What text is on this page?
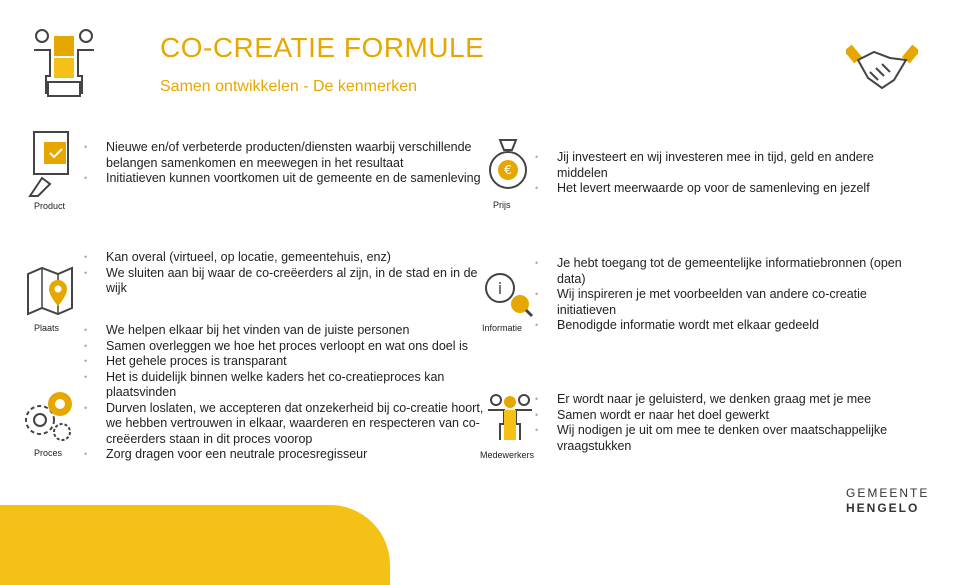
CO-CREATIE FORMULE
Samen ontwikkelen - De kenmerken
Product
• Nieuwe en/of verbeterde producten/diensten waarbij verschillende belangen samenkomen en meewegen in het resultaat
• Initiatieven kunnen voortkomen uit de gemeente en de samenleving
Plaats
• Kan overal (virtueel, op locatie, gemeentehuis, enz)
• We sluiten aan bij waar de co-creëerders al zijn, in de stad en in de wijk
Proces
• We helpen elkaar bij het vinden van de juiste personen
• Samen overleggen we hoe het proces verloopt en wat ons doel is
• Het gehele proces is transparant
• Het is duidelijk binnen welke kaders het co-creatieproces kan plaatsvinden
• Durven loslaten, we accepteren dat onzekerheid bij co-creatie hoort, we hebben vertrouwen in elkaar, waarderen en respecteren van co-creëerders staan in dit proces voorop
• Zorg dragen voor een neutrale procesregisseur
€
Prijs
• Jij investeert en wij investeren mee in tijd, geld en andere middelen
• Het levert meerwaarde op voor de samenleving en jezelf
i
Informatie
• Je hebt toegang tot de gemeentelijke informatiebronnen (open data)
• Wij inspireren je met voorbeelden van andere co-creatie initiatieven
• Benodigde informatie wordt met elkaar gedeeld
Medewerkers
• Er wordt naar je geluisterd, we denken graag met je mee
• Samen wordt er naar het doel gewerkt
• Wij nodigen je uit om mee te denken over maatschappelijke vraagstukken
GEMEENTE
HENGELO
